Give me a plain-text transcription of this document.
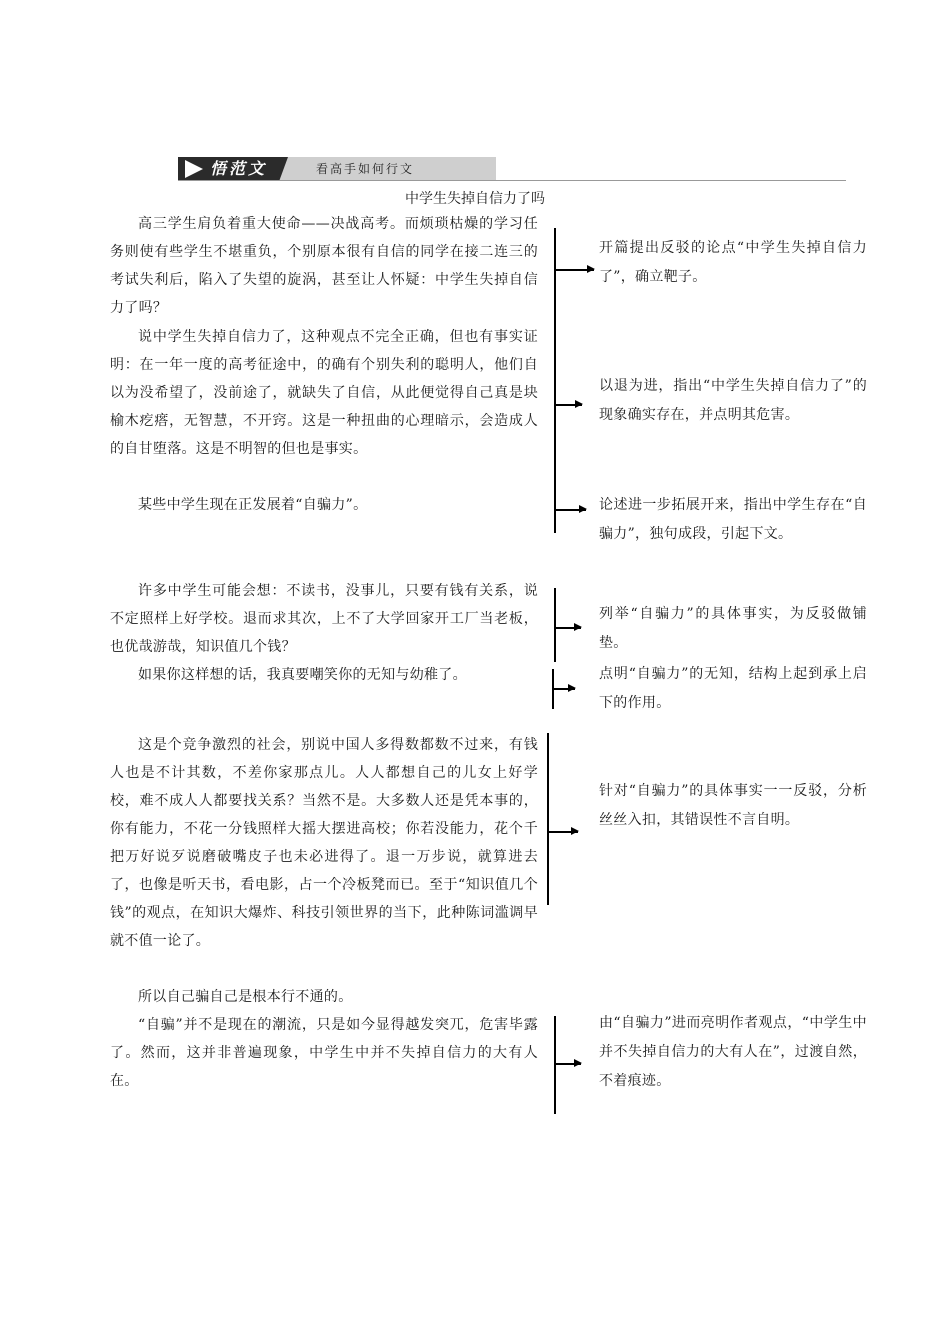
悟范文	看高手如何行文
中学生失掉自信力了吗

高三学生肩负着重大使命——决战高考。而烦琐枯燥的学习任务则使有些学生不堪重负，个别原本很有自信的同学在接二连三的考试失利后，陷入了失望的旋涡，甚至让人怀疑：中学生失掉自信力了吗？

说中学生失掉自信力了，这种观点不完全正确，但也有事实证明：在一年一度的高考征途中，的确有个别失利的聪明人，他们自以为没希望了，没前途了，就缺失了自信，从此便觉得自己真是块榆木疙瘩，无智慧，不开窍。这是一种扭曲的心理暗示，会造成人的自甘堕落。这是不明智的但也是事实。

某些中学生现在正发展着“自骗力”。

许多中学生可能会想：不读书，没事儿，只要有钱有关系，说不定照样上好学校。退而求其次，上不了大学回家开工厂当老板，也优哉游哉，知识值几个钱？

如果你这样想的话，我真要嘲笑你的无知与幼稚了。

这是个竞争激烈的社会，别说中国人多得数都数不过来，有钱人也是不计其数，不差你家那点儿。人人都想自己的儿女上好学校，难不成人人都要找关系？当然不是。大多数人还是凭本事的，你有能力，不花一分钱照样大摇大摆进高校；你若没能力，花个千把万好说歹说磨破嘴皮子也未必进得了。退一万步说，就算进去了，也像是听天书，看电影，占一个冷板凳而已。至于“知识值几个钱”的观点，在知识大爆炸、科技引领世界的当下，此种陈词滥调早就不值一论了。

所以自己骗自己是根本行不通的。

“自骗”并不是现在的潮流，只是如今显得越发突兀，危害毕露了。然而，这并非普遍现象，中学生中并不失掉自信力的大有人在。

开篇提出反驳的论点“中学生失掉自信力了”，确立靶子。

以退为进，指出“中学生失掉自信力了”的现象确实存在，并点明其危害。

论述进一步拓展开来，指出中学生存在“自骗力”，独句成段，引起下文。

列举“自骗力”的具体事实，为反驳做铺垫。

点明“自骗力”的无知，结构上起到承上启下的作用。

针对“自骗力”的具体事实一一反驳，分析丝丝入扣，其错误性不言自明。

由“自骗力”进而亮明作者观点，“中学生中并不失掉自信力的大有人在”，过渡自然，不着痕迹。
